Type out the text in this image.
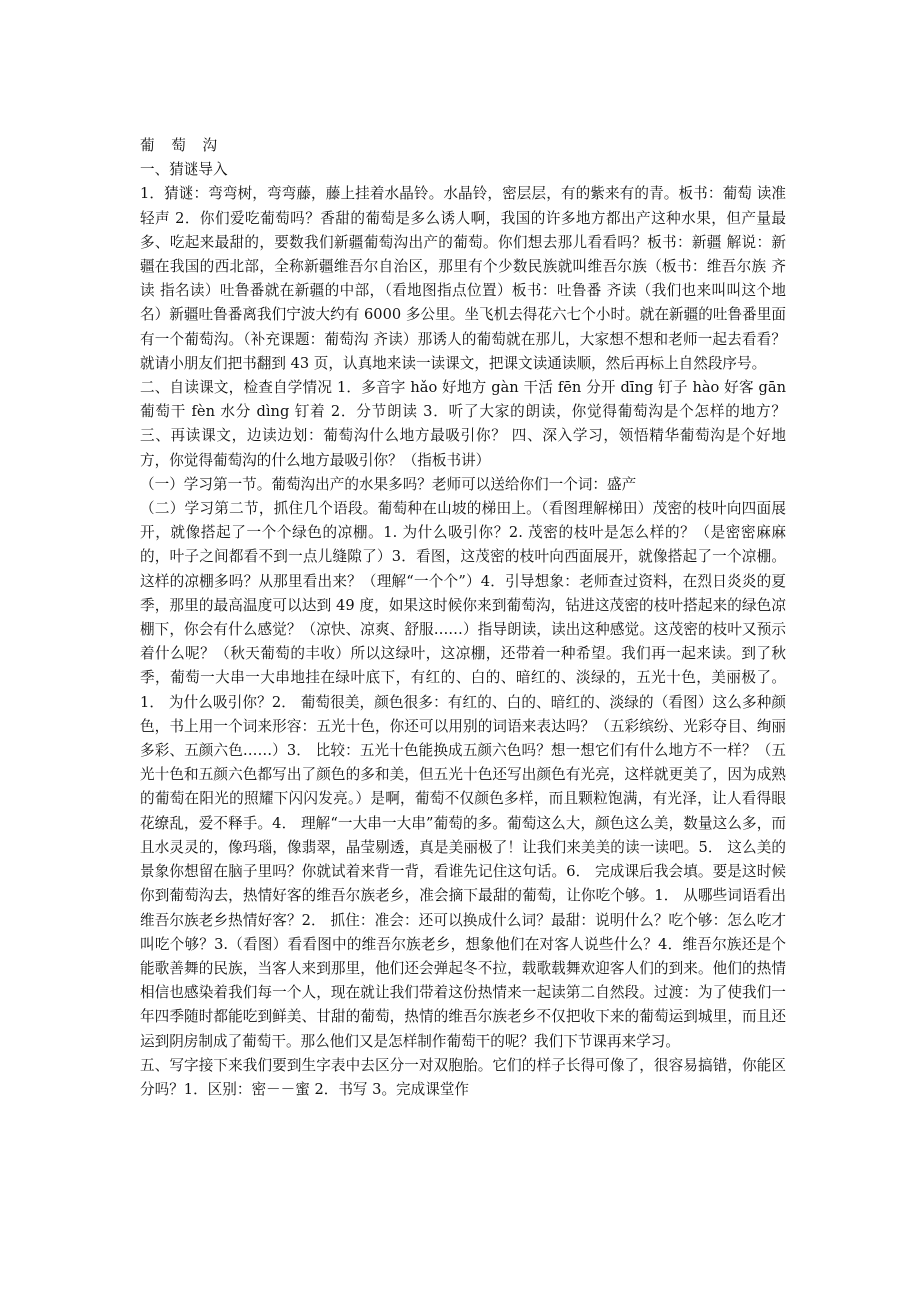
葡 萄 沟

一、猜谜导入

1．猜谜：弯弯树，弯弯藤，藤上挂着水晶铃。水晶铃，密层层，有的紫来有的青。板书：葡萄 读准轻声 2．你们爱吃葡萄吗？香甜的葡萄是多么诱人啊，我国的许多地方都出产这种水果，但产量最多、吃起来最甜的，要数我们新疆葡萄沟出产的葡萄。你们想去那儿看看吗？板书：新疆 解说：新疆在我国的西北部，全称新疆维吾尔自治区，那里有个少数民族就叫维吾尔族（板书：维吾尔族 齐读 指名读）吐鲁番就在新疆的中部，（看地图指点位置）板书：吐鲁番 齐读（我们也来叫叫这个地名）新疆吐鲁番离我们宁波大约有 6000 多公里。坐飞机去得花六七个小时。就在新疆的吐鲁番里面有一个葡萄沟。（补充课题：葡萄沟 齐读）那诱人的葡萄就在那儿，大家想不想和老师一起去看看？就请小朋友们把书翻到 43 页，认真地来读一读课文，把课文读通读顺，然后再标上自然段序号。

二、自读课文，检查自学情况 1．多音字 hǎo 好地方 gàn 干活 fēn 分开 dīng 钉子 hào 好客 gān 葡萄干 fèn 水分 dìng 钉着 2．分节朗读 3．听了大家的朗读，你觉得葡萄沟是个怎样的地方？ 三、再读课文，边读边划：葡萄沟什么地方最吸引你？ 四、深入学习，领悟精华葡萄沟是个好地方，你觉得葡萄沟的什么地方最吸引你？（指板书讲）

（一）学习第一节。葡萄沟出产的水果多吗？老师可以送给你们一个词：盛产

（二）学习第二节，抓住几个语段。葡萄种在山坡的梯田上。（看图理解梯田）茂密的枝叶向四面展开，就像搭起了一个个绿色的凉棚。1. 为什么吸引你？2. 茂密的枝叶是怎么样的？（是密密麻麻的，叶子之间都看不到一点儿缝隙了）3．看图，这茂密的枝叶向西面展开，就像搭起了一个凉棚。这样的凉棚多吗？从那里看出来？（理解“一个个”）4．引导想象：老师查过资料，在烈日炎炎的夏季，那里的最高温度可以达到 49 度，如果这时候你来到葡萄沟，钻进这茂密的枝叶搭起来的绿色凉棚下，你会有什么感觉？（凉快、凉爽、舒服……）指导朗读，读出这种感觉。这茂密的枝叶又预示着什么呢？（秋天葡萄的丰收）所以这绿叶，这凉棚，还带着一种希望。我们再一起来读。到了秋季，葡萄一大串一大串地挂在绿叶底下，有红的、白的、暗红的、淡绿的，五光十色，美丽极了。1． 为什么吸引你？2． 葡萄很美，颜色很多：有红的、白的、暗红的、淡绿的（看图）这么多种颜色，书上用一个词来形容：五光十色，你还可以用别的词语来表达吗？（五彩缤纷、光彩夺目、绚丽多彩、五颜六色……）3． 比较：五光十色能换成五颜六色吗？想一想它们有什么地方不一样？（五光十色和五颜六色都写出了颜色的多和美，但五光十色还写出颜色有光亮，这样就更美了，因为成熟的葡萄在阳光的照耀下闪闪发亮。）是啊，葡萄不仅颜色多样，而且颗粒饱满，有光泽，让人看得眼花缭乱，爱不释手。4． 理解“一大串一大串”葡萄的多。葡萄这么大，颜色这么美，数量这么多，而且水灵灵的，像玛瑙，像翡翠，晶莹剔透，真是美丽极了！让我们来美美的读一读吧。5． 这么美的景象你想留在脑子里吗？你就试着来背一背，看谁先记住这句话。6． 完成课后我会填。要是这时候你到葡萄沟去，热情好客的维吾尔族老乡，准会摘下最甜的葡萄，让你吃个够。1． 从哪些词语看出维吾尔族老乡热情好客？2． 抓住：准会：还可以换成什么词？最甜：说明什么？吃个够：怎么吃才叫吃个够？3.（看图）看看图中的维吾尔族老乡，想象他们在对客人说些什么？4．维吾尔族还是个能歌善舞的民族，当客人来到那里，他们还会弹起冬不拉，载歌载舞欢迎客人们的到来。他们的热情相信也感染着我们每一个人，现在就让我们带着这份热情来一起读第二自然段。过渡：为了使我们一年四季随时都能吃到鲜美、甘甜的葡萄，热情的维吾尔族老乡不仅把收下来的葡萄运到城里，而且还运到阴房制成了葡萄干。那么他们又是怎样制作葡萄干的呢？我们下节课再来学习。

五、写字接下来我们要到生字表中去区分一对双胞胎。它们的样子长得可像了，很容易搞错，你能区分吗？1．区别：密－－蜜 2．书写 3。完成课堂作
